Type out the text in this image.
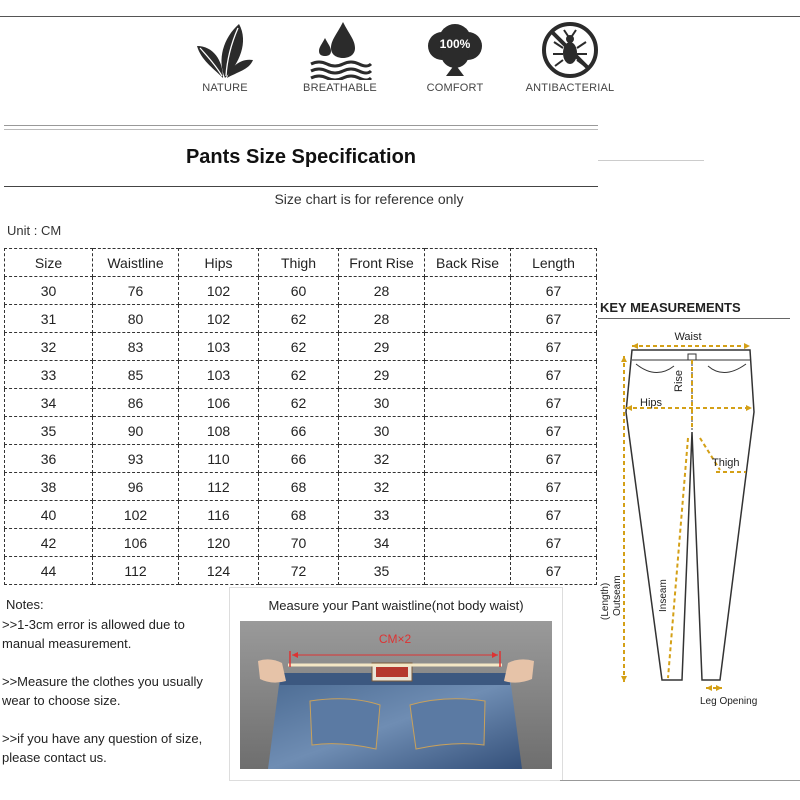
NATURE	BREATHABLE
100%
COMFORT	ANTIBACTERIAL
Pants Size Specification
Size chart is for reference only
Unit : CM
Size	Waistline	Hips	Thigh	Front Rise	Back Rise	Length
30	76	102	60	28		67
31	80	102	62	28		67
32	83	103	62	29		67
33	85	103	62	29		67
34	86	106	62	30		67
35	90	108	66	30		67
36	93	110	66	32		67
38	96	112	68	32		67
40	102	116	68	33		67
42	106	120	70	34		67
44	112	124	72	35		67
Notes:
>>1-3cm error is allowed due to manual measurement.
>>Measure the clothes you usually wear to choose size.
>>if you have any question of size, please contact us.
Measure your Pant waistline(not body waist)
CM×2
KEY MEASUREMENTS
Waist
Rise
Hips
Thigh
(Length) Outseam	Inseam
Leg Opening
